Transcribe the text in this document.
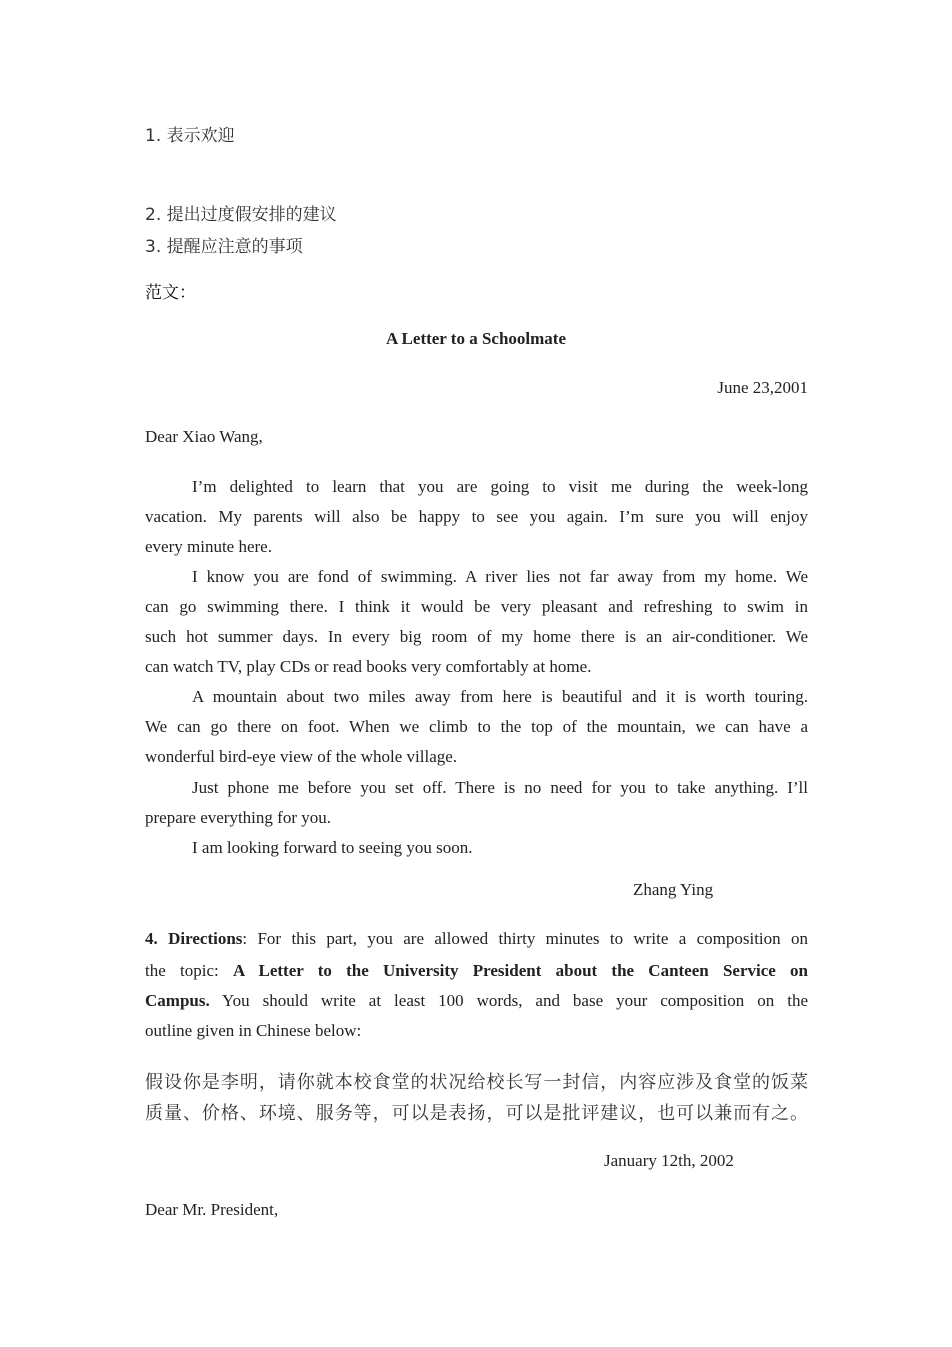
1. 表示欢迎
2. 提出过度假安排的建议
3. 提醒应注意的事项
范文：
A Letter to a Schoolmate
June 23,2001
Dear Xiao Wang,
I’m delighted to learn that you are going to visit me during the week-long
vacation. My parents will also be happy to see you again. I’m sure you will enjoy
every minute here.
I know you are fond of swimming. A river lies not far away from my home. We
can go swimming there. I think it would be very pleasant and refreshing to swim in
such hot summer days. In every big room of my home there is an air-conditioner. We
can watch TV, play CDs or read books very comfortably at home.
A mountain about two miles away from here is beautiful and it is worth touring.
We can go there on foot. When we climb to the top of the mountain, we can have a
wonderful bird-eye view of the whole village.
Just phone me before you set off. There is no need for you to take anything. I’ll
prepare everything for you.
I am looking forward to seeing you soon.
Zhang Ying
4. Directions: For this part, you are allowed thirty minutes to write a composition on
the topic: A Letter to the University President about the Canteen Service on
Campus. You should write at least 100 words, and base your composition on the
outline given in Chinese below:
假设你是李明，请你就本校食堂的状况给校长写一封信，内容应涉及食堂的饭菜
质量、价格、环境、服务等，可以是表扬，可以是批评建议，也可以兼而有之。
January 12th, 2002
Dear Mr. President,
